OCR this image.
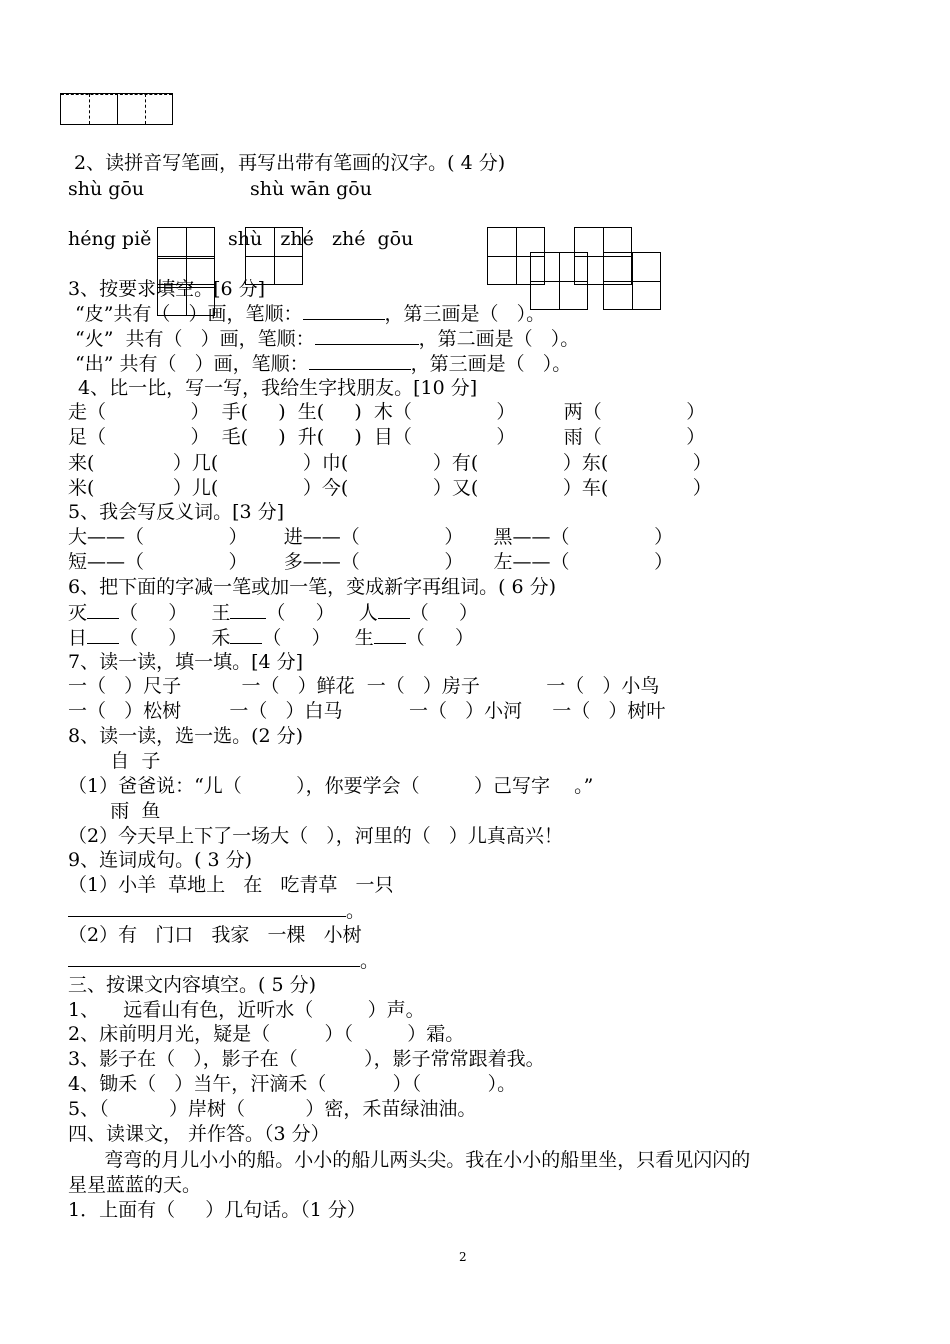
2、读拼音写笔画，再写出带有笔画的汉字。( 4 分)
shù gōu	shù wān gōu
héng piě	shù   zhé   zhé  gōu
3、按要求填空。[6 分]
“皮”共有（   ）画，笔顺：	，第三画是（   ）。
“火”  共有（   ）画，笔顺：	，第二画是（   ）。
“出” 共有（   ）画，笔顺：	，第三画是（   ）。
4、比一比，写一写，我给生字找朋友。[10 分]
走（              ）  手(     )  生(     )  木（              ）        两（              ）
足（              ）  毛(     )  升(     )  目（              ）        雨（              ）
来(             ）几(              ）巾(              ）有(              ）东(              ）
米(             ）儿(              ）今(              ）又(              ）车(              ）
5、我会写反义词。[3 分]
大——（              ）      进——（              ）     黑——（              ）
短——（              ）      多——（              ）     左——（              ）
6、把下面的字减一笔或加一笔，变成新字再组词。( 6 分)
灭 （     ） 王 （     ） 人 （     ）
日 （     ） 禾 （     ） 生 （     ）
7、读一读，填一填。[4 分]
一（   ）尺子          一（   ）鲜花  一（   ）房子           一（   ）小鸟
一（   ）松树        一（   ）白马           一（   ）小河     一（   ）树叶
8、读一读，选一选。(2 分)
自  子
（1）爸爸说：“儿（         ），你要学会（         ）己写字    。”
雨  鱼
（2）今天早上下了一场大（   ），河里的（   ）儿真高兴！
9、连词成句。( 3 分)
（1）小羊  草地上   在   吃青草   一只
。
（2）有   门口   我家   一棵   小树
。
三、按课文内容填空。( 5 分)
1、    远看山有色，近听水（         ）声。
2、床前明月光，疑是（         ）（         ）霜。
3、影子在（   ），影子在（           ），影子常常跟着我。
4、锄禾（   ）当午，汗滴禾（           ）（           ）。
5、（          ）岸树（          ）密，禾苗绿油油。
四、读课文， 并作答。（3 分）
弯弯的月儿小小的船。小小的船儿两头尖。我在小小的船里坐，只看见闪闪的
星星蓝蓝的天。
1．上面有（     ）几句话。（1 分）
2
